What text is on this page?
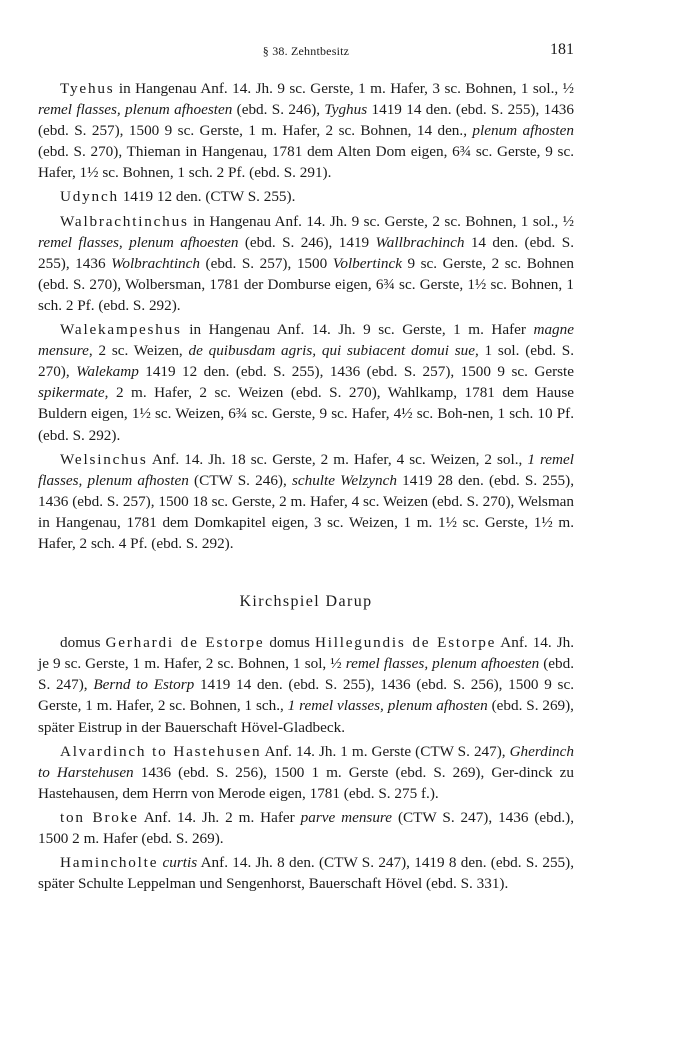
§ 38. Zehntbesitz	181

Tyehus in Hangenau Anf. 14. Jh. 9 sc. Gerste, 1 m. Hafer, 3 sc. Bohnen, 1 sol., ½ remel flasses, plenum afhoesten (ebd. S. 246), Tyghus 1419 14 den. (ebd. S. 255), 1436 (ebd. S. 257), 1500 9 sc. Gerste, 1 m. Hafer, 2 sc. Bohnen, 14 den., plenum afhosten (ebd. S. 270), Thieman in Hangenau, 1781 dem Alten Dom eigen, 6¾ sc. Gerste, 9 sc. Hafer, 1½ sc. Bohnen, 1 sch. 2 Pf. (ebd. S. 291).

Udynch 1419 12 den. (CTW S. 255).

Walbrachtinchus in Hangenau Anf. 14. Jh. 9 sc. Gerste, 2 sc. Bohnen, 1 sol., ½ remel flasses, plenum afhoesten (ebd. S. 246), 1419 Wallbrachinch 14 den. (ebd. S. 255), 1436 Wolbrachtinch (ebd. S. 257), 1500 Volbertinck 9 sc. Gerste, 2 sc. Bohnen (ebd. S. 270), Wolbersman, 1781 der Domburse eigen, 6¾ sc. Gerste, 1½ sc. Bohnen, 1 sch. 2 Pf. (ebd. S. 292).

Walekampeshus in Hangenau Anf. 14. Jh. 9 sc. Gerste, 1 m. Hafer magne mensure, 2 sc. Weizen, de quibusdam agris, qui subiacent domui sue, 1 sol. (ebd. S. 270), Walekamp 1419 12 den. (ebd. S. 255), 1436 (ebd. S. 257), 1500 9 sc. Gerste spikermate, 2 m. Hafer, 2 sc. Weizen (ebd. S. 270), Wahlkamp, 1781 dem Hause Buldern eigen, 1½ sc. Weizen, 6¾ sc. Gerste, 9 sc. Hafer, 4½ sc. Boh-nen, 1 sch. 10 Pf. (ebd. S. 292).

Welsinchus Anf. 14. Jh. 18 sc. Gerste, 2 m. Hafer, 4 sc. Weizen, 2 sol., 1 remel flasses, plenum afhosten (CTW S. 246), schulte Welzynch 1419 28 den. (ebd. S. 255), 1436 (ebd. S. 257), 1500 18 sc. Gerste, 2 m. Hafer, 4 sc. Weizen (ebd. S. 270), Welsman in Hangenau, 1781 dem Domkapitel eigen, 3 sc. Weizen, 1 m. 1½ sc. Gerste, 1½ m. Hafer, 2 sch. 4 Pf. (ebd. S. 292).

Kirchspiel Darup

domus Gerhardi de Estorpe domus Hillegundis de Estorpe Anf. 14. Jh. je 9 sc. Gerste, 1 m. Hafer, 2 sc. Bohnen, 1 sol, ½ remel flasses, plenum afhoesten (ebd. S. 247), Bernd to Estorp 1419 14 den. (ebd. S. 255), 1436 (ebd. S. 256), 1500 9 sc. Gerste, 1 m. Hafer, 2 sc. Bohnen, 1 sch., 1 remel vlasses, plenum afhosten (ebd. S. 269), später Eistrup in der Bauerschaft Hövel-Gladbeck.

Alvardinch to Hastehusen Anf. 14. Jh. 1 m. Gerste (CTW S. 247), Gherdinch to Harstehusen 1436 (ebd. S. 256), 1500 1 m. Gerste (ebd. S. 269), Ger-dinck zu Hastehausen, dem Herrn von Merode eigen, 1781 (ebd. S. 275 f.).

ton Broke Anf. 14. Jh. 2 m. Hafer parve mensure (CTW S. 247), 1436 (ebd.), 1500 2 m. Hafer (ebd. S. 269).

Hamincholte curtis Anf. 14. Jh. 8 den. (CTW S. 247), 1419 8 den. (ebd. S. 255), später Schulte Leppelman und Sengenhorst, Bauerschaft Hövel (ebd. S. 331).
